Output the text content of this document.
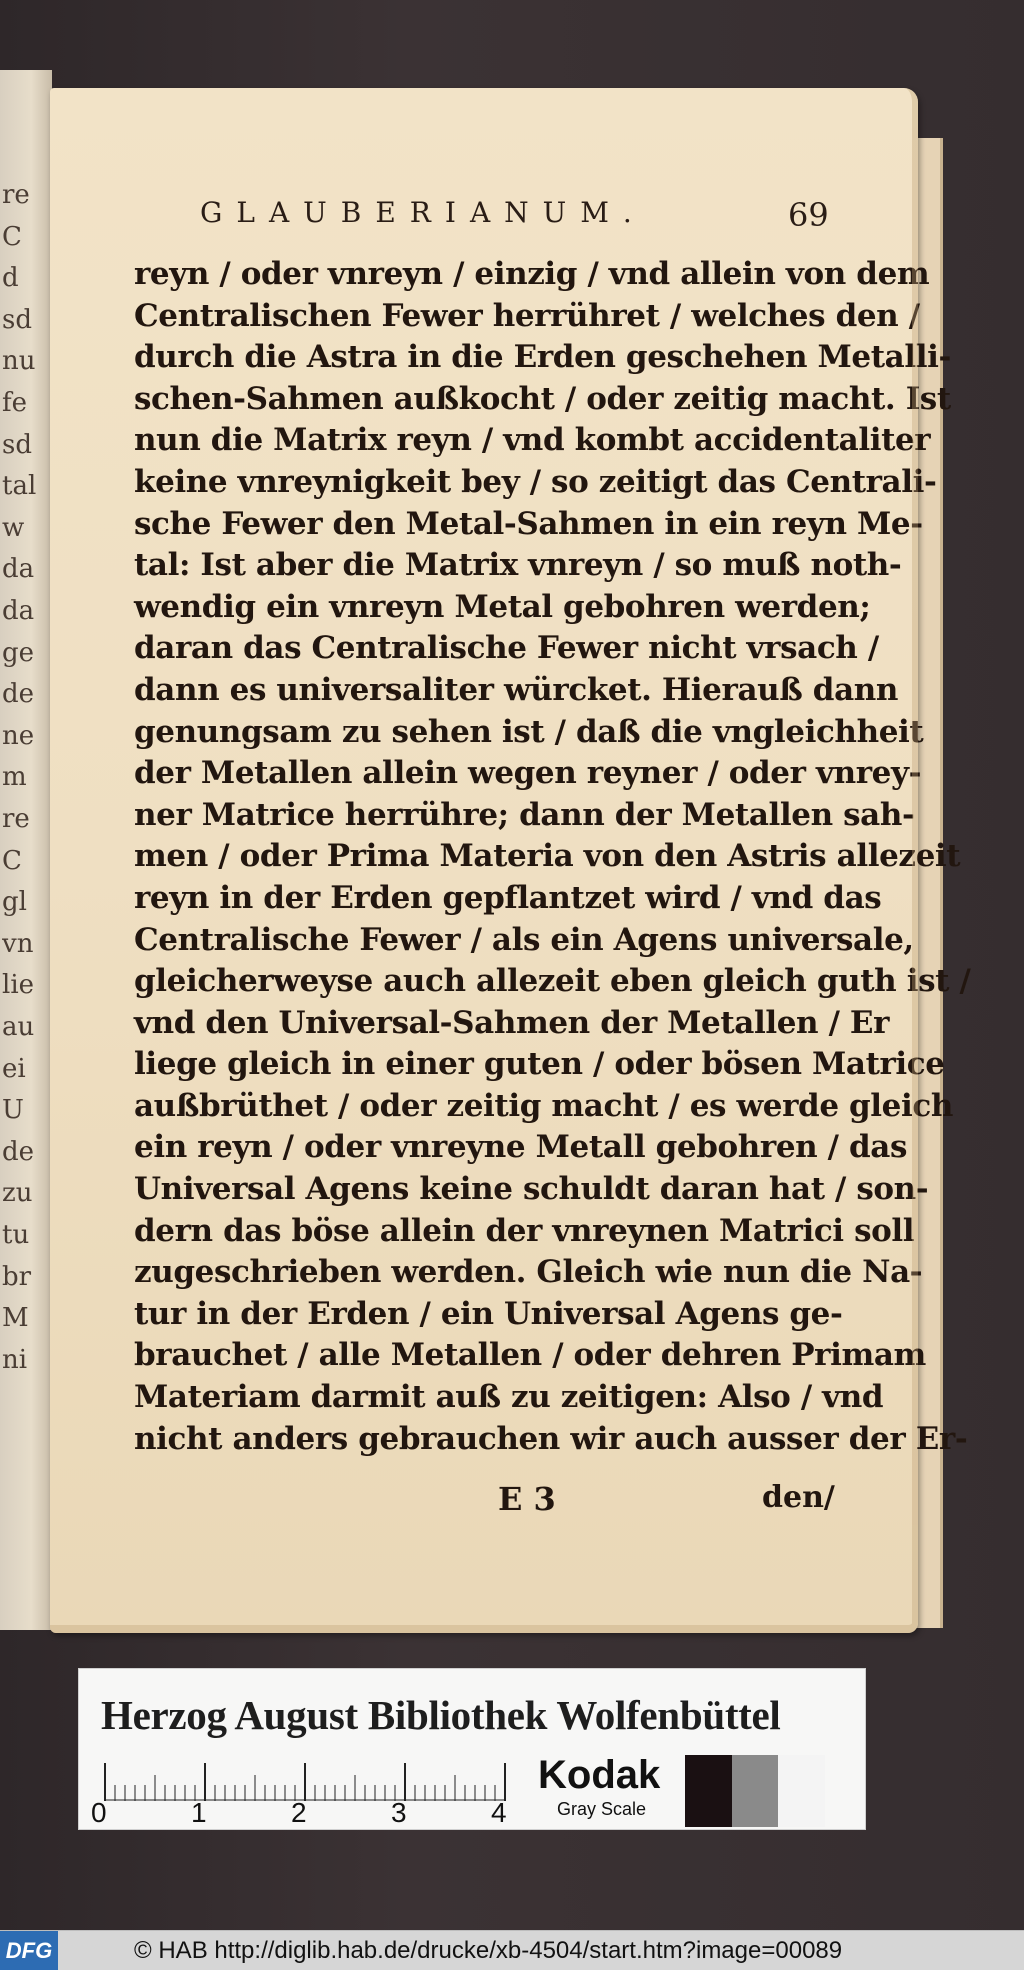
re
C
d
sd
nu
fe
sd
tal
w
da
da
ge
de
ne
m
re
C
gl
vn
lie
au
ei
U
de
zu
tu
br
M
ni
GLAUBERIANUM.	69
reyn / oder vnreyn / einzig / vnd allein von dem
Centralischen Fewer herrühret / welches den /
durch die Astra in die Erden geschehen Metalli-
schen-Sahmen außkocht / oder zeitig macht. Ist
nun die Matrix reyn / vnd kombt accidentaliter
keine vnreynigkeit bey / so zeitigt das Centrali-
sche Fewer den Metal-Sahmen in ein reyn Me-
tal: Ist aber die Matrix vnreyn / so muß noth-
wendig ein vnreyn Metal gebohren werden;
daran das Centralische Fewer nicht vrsach /
dann es universaliter würcket. Hierauß dann
genungsam zu sehen ist / daß die vngleichheit
der Metallen allein wegen reyner / oder vnrey-
ner Matrice herrühre; dann der Metallen sah-
men / oder Prima Materia von den Astris allezeit
reyn in der Erden gepflantzet wird / vnd das
Centralische Fewer / als ein Agens universale,
gleicherweyse auch allezeit eben gleich guth ist /
vnd den Universal-Sahmen der Metallen / Er
liege gleich in einer guten / oder bösen Matrice
außbrüthet / oder zeitig macht / es werde gleich
ein reyn / oder vnreyne Metall gebohren / das
Universal Agens keine schuldt daran hat / son-
dern das böse allein der vnreynen Matrici soll
zugeschrieben werden. Gleich wie nun die Na-
tur in der Erden / ein Universal Agens ge-
brauchet / alle Metallen / oder dehren Primam
Materiam darmit auß zu zeitigen: Also / vnd
nicht anders gebrauchen wir auch ausser der Er-
E 3	den/
Herzog August Bibliothek Wolfenbüttel
0	1	2	3	4
Kodak
Gray Scale
DFG	© HAB http://diglib.hab.de/drucke/xb-4504/start.htm?image=00089
